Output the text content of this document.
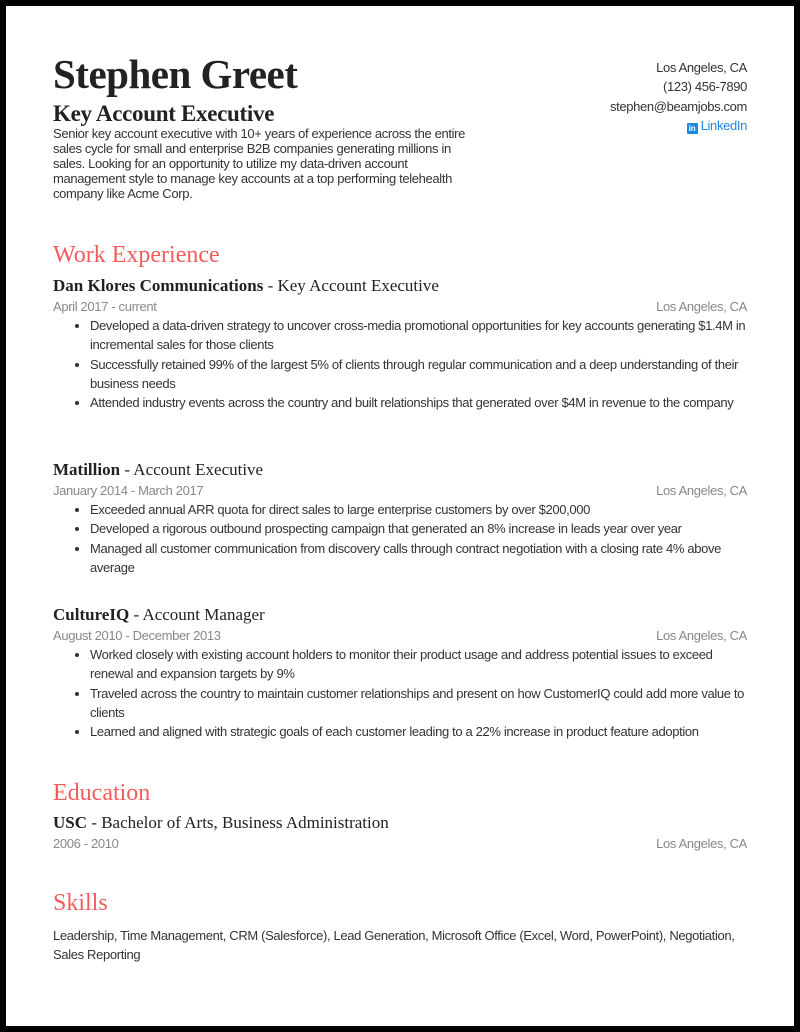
Stephen Greet
Key Account Executive
Senior key account executive with 10+ years of experience across the entire sales cycle for small and enterprise B2B companies generating millions in sales. Looking for an opportunity to utilize my data-driven account management style to manage key accounts at a top performing telehealth company like Acme Corp.
Los Angeles, CA
(123) 456-7890
stephen@beamjobs.com
in LinkedIn
Work Experience
Dan Klores Communications - Key Account Executive
April 2017 - current	Los Angeles, CA
• Developed a data-driven strategy to uncover cross-media promotional opportunities for key accounts generating $1.4M in incremental sales for those clients
• Successfully retained 99% of the largest 5% of clients through regular communication and a deep understanding of their business needs
• Attended industry events across the country and built relationships that generated over $4M in revenue to the company
Matillion - Account Executive
January 2014 - March 2017	Los Angeles, CA
• Exceeded annual ARR quota for direct sales to large enterprise customers by over $200,000
• Developed a rigorous outbound prospecting campaign that generated an 8% increase in leads year over year
• Managed all customer communication from discovery calls through contract negotiation with a closing rate 4% above average
CultureIQ - Account Manager
August 2010 - December 2013	Los Angeles, CA
• Worked closely with existing account holders to monitor their product usage and address potential issues to exceed renewal and expansion targets by 9%
• Traveled across the country to maintain customer relationships and present on how CustomerIQ could add more value to clients
• Learned and aligned with strategic goals of each customer leading to a 22% increase in product feature adoption
Education
USC - Bachelor of Arts, Business Administration
2006 - 2010	Los Angeles, CA
Skills
Leadership, Time Management, CRM (Salesforce), Lead Generation, Microsoft Office (Excel, Word, PowerPoint), Negotiation, Sales Reporting
